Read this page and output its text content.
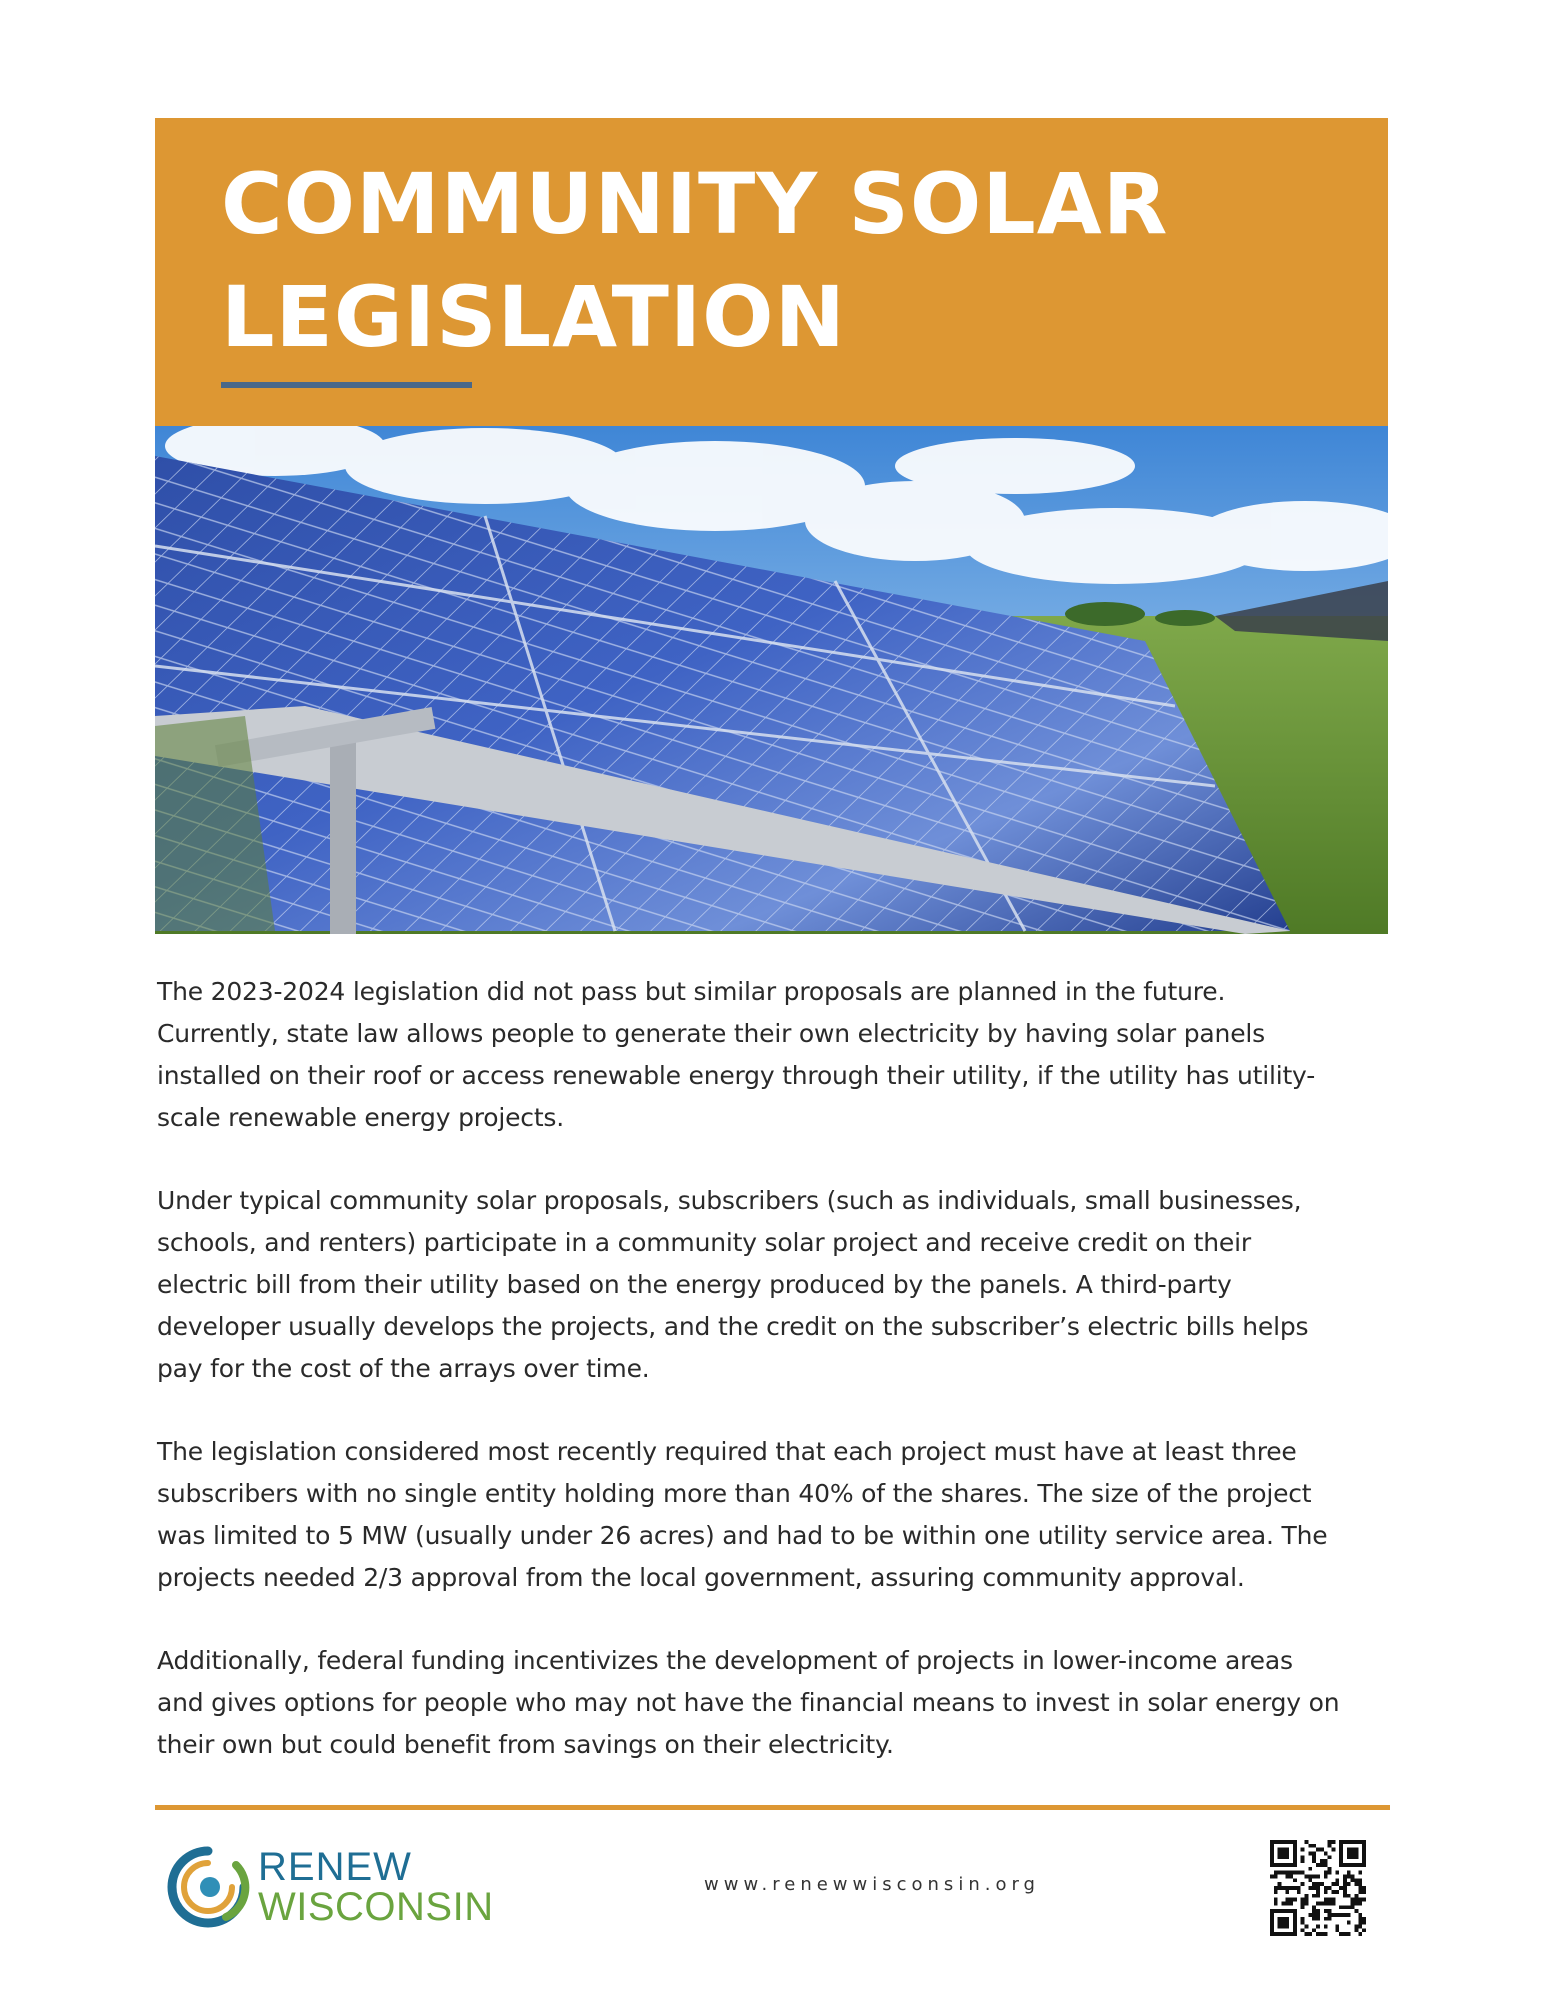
COMMUNITY SOLAR
LEGISLATION

The 2023-2024 legislation did not pass but similar proposals are planned in the future.
Currently, state law allows people to generate their own electricity by having solar panels
installed on their roof or access renewable energy through their utility, if the utility has utility-
scale renewable energy projects.

Under typical community solar proposals, subscribers (such as individuals, small businesses,
schools, and renters) participate in a community solar project and receive credit on their
electric bill from their utility based on the energy produced by the panels. A third-party
developer usually develops the projects, and the credit on the subscriber’s electric bills helps
pay for the cost of the arrays over time.

The legislation considered most recently required that each project must have at least three
subscribers with no single entity holding more than 40% of the shares. The size of the project
was limited to 5 MW (usually under 26 acres) and had to be within one utility service area. The
projects needed 2/3 approval from the local government, assuring community approval.

Additionally, federal funding incentivizes the development of projects in lower-income areas
and gives options for people who may not have the financial means to invest in solar energy on
their own but could benefit from savings on their electricity.

RENEW
WISCONSIN
www.renewwisconsin.org
